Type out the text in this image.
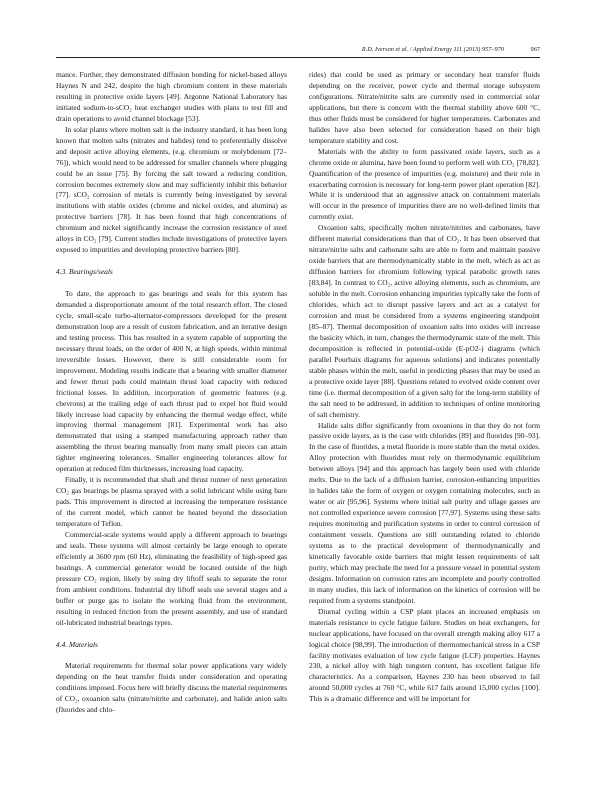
R.D. Iverson et al. / Applied Energy 111 (2013) 957–970	967

mance. Further, they demonstrated diffusion bonding for nickel-based alloys Haynes N and 242, despite the high chromium content in these materials resulting in protective oxide layers [49]. Argonne National Laboratory has initiated sodium-to-sCO₂ heat exchanger studies with plans to test fill and drain operations to avoid channel blockage [53].

In solar plants where molten salt is the industry standard, it has been long known that molten salts (nitrates and halides) tend to preferentially dissolve and deposit active alloying elements, (e.g. chromium or molybdenum [72–76]), which would need to be addressed for smaller channels where plugging could be an issue [75]. By forcing the salt toward a reducing condition, corrosion becomes extremely slow and may sufficiently inhibit this behavior [77]. sCO₂ corrosion of metals is currently being investigated by several institutions with stable oxides (chrome and nickel oxides, and alumina) as protective barriers [78]. It has been found that high concentrations of chromium and nickel significantly increase the corrosion resistance of steel alloys in CO₂ [79]. Current studies include investigations of protective layers exposed to impurities and developing protective barriers [80].

4.3. Bearings/seals

To date, the approach to gas bearings and seals for this system has demanded a disproportionate amount of the total research effort. The closed cycle, small-scale turbo-alternator-compressors developed for the present demonstration loop are a result of custom fabrication, and an iterative design and testing process. This has resulted in a system capable of supporting the necessary thrust loads, on the order of 400 N, at high speeds, within minimal irreversible losses. However, there is still considerable room for improvement. Modeling results indicate that a bearing with smaller diameter and fewer thrust pads could maintain thrust load capacity with reduced frictional losses. In addition, incorporation of geometric features (e.g. chevrons) at the trailing edge of each thrust pad to expel hot fluid would likely increase load capacity by enhancing the thermal wedge effect, while improving thermal management [81]. Experimental work has also demonstrated that using a stamped manufacturing approach rather than assembling the thrust bearing manually from many small pieces can attain tighter engineering tolerances. Smaller engineering tolerances allow for operation at reduced film thicknesses, increasing load capacity.

Finally, it is recommended that shaft and thrust runner of next generation CO₂ gas bearings be plasma sprayed with a solid lubricant while using bare pads. This improvement is directed at increasing the temperature resistance of the current model, which cannot be heated beyond the dissociation temperature of Teflon.

Commercial-scale systems would apply a different approach to bearings and seals. These systems will almost certainly be large enough to operate efficiently at 3600 rpm (60 Hz), eliminating the feasibility of high-speed gas bearings. A commercial generator would be located outside of the high pressure CO₂ region, likely by using dry liftoff seals to separate the rotor from ambient conditions. Industrial dry liftoff seals use several stages and a buffer or purge gas to isolate the working fluid from the environment, resulting in reduced friction from the present assembly, and use of standard oil-lubricated industrial bearings types.

4.4. Materials

Material requirements for thermal solar power applications vary widely depending on the heat transfer fluids under consideration and operating conditions imposed. Focus here will briefly discuss the material requirements of CO₂, oxoanion salts (nitrate/nitrite and carbonate), and halide anion salts (fluorides and chlo-

rides) that could be used as primary or secondary heat transfer fluids depending on the receiver, power cycle and thermal storage subsystem configurations. Nitrate/nitrite salts are currently used in commercial solar applications, but there is concern with the thermal stability above 600 °C, thus other fluids must be considered for higher temperatures. Carbonates and halides have also been selected for consideration based on their high temperature stability and cost.

Materials with the ability to form passivated oxide layers, such as a chrome oxide or alumina, have been found to perform well with CO₂ [78,82]. Quantification of the presence of impurities (e.g. moisture) and their role in exacerbating corrosion is necessary for long-term power plant operation [82]. While it is understood that an aggressive attack on containment materials will occur in the presence of impurities there are no well-defined limits that currently exist.

Oxoanion salts, specifically molten nitrate/nitrites and carbonates, have different material considerations than that of CO₂. It has been observed that nitrate/nitrite salts and carbonate salts are able to form and maintain passive oxide barriers that are thermodynamically stable in the melt, which as act as diffusion barriers for chromium following typical parabolic growth rates [83,84]. In contrast to CO₂, active alloying elements, such as chromium, are soluble in the melt. Corrosion enhancing impurities typically take the form of chlorides, which act to disrupt passive layers and act as a catalyst for corrosion and must be considered from a systems engineering standpoint [85–87]. Thermal decomposition of oxoanion salts into oxides will increase the basicity which, in turn, changes the thermodynamic state of the melt. This decomposition is reflected in potential-oxide (E-pO2-) diagrams (which parallel Pourbaix diagrams for aqueous solutions) and indicates potentially stable phases within the melt, useful in predicting phases that may be used as a protective oxide layer [88]. Questions related to evolved oxide content over time (i.e. thermal decomposition of a given salt) for the long-term stability of the salt need to be addressed, in addition to techniques of online monitoring of salt chemistry.

Halide salts differ significantly from oxoanions in that they do not form passive oxide layers, as is the case with chlorides [89] and fluorides [90–93]. In the case of fluorides, a metal fluoride is more stable than the metal oxides. Alloy protection with fluorides must rely on thermodynamic equilibrium between alloys [94] and this approach has largely been used with chloride melts. Due to the lack of a diffusion barrier, corrosion-enhancing impurities in halides take the form of oxygen or oxygen containing molecules, such as water or air [95,96]. Systems where initial salt purity and ullage gasses are not controlled experience severe corrosion [77,97]. Systems using these salts requires monitoring and purification systems in order to control corrosion of containment vessels. Questions are still outstanding related to chloride systems as to the practical development of thermodynamically and kinetically favorable oxide barriers that might lessen requirements of salt purity, which may preclude the need for a pressure vessel in potential system designs. Information on corrosion rates are incomplete and poorly controlled in many studies, this lack of information on the kinetics of corrosion will be required from a systems standpoint.

Diurnal cycling within a CSP plant places an increased emphasis on materials resistance to cycle fatigue failure. Studies on heat exchangers, for nuclear applications, have focused on the overall strength making alloy 617 a logical choice [98,99]. The introduction of thermomechanical stress in a CSP facility motivates evaluation of low cycle fatigue (LCF) properties. Haynes 230, a nickel alloy with high tungsten content, has excellent fatigue life characteristics. As a comparison, Haynes 230 has been observed to fail around 50,000 cycles at 760 °C, while 617 fails around 15,000 cycles [100]. This is a dramatic difference and will be important for
